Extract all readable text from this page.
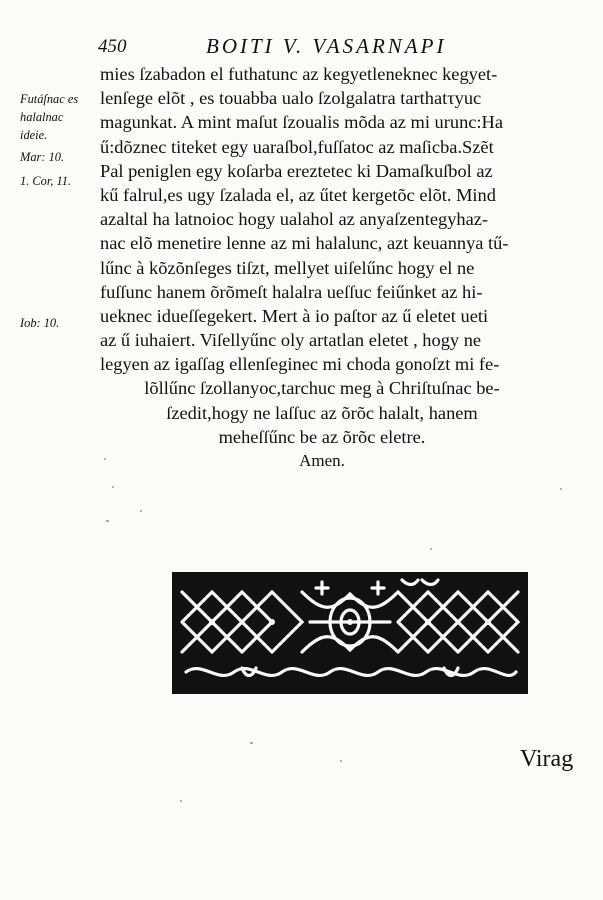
450	BOITI V. VASARNAPI
Futáſnac es
halalnac
ideie.
Mar: 10.
1. Cor, 11.
Iob: 10.
mies ſzabadon el futhatunc az kegyetleneknec kegyet-
lenſege elõt , es touabba ualo ſzolgalatra tarthatτyuc
magunkat. A mint maſut ſzoualis mõda az mi urunc:Ha
ű:dõznec titeket egy uaraſbol,fuſſatoc az maſicba.Szẽt
Pal peniglen egy koſarba ereztetec ki Damaſkuſbol az
kű falrul,es ugy ſzalada el, az űtet kergetõc elõt. Mind
azaltal ha latnoioc hogy ualahol az anyaſzentegyhaz-
nac elõ menetire lenne az mi halalunc, azt keuannya tű-
lűnc à kõzõnſeges tiſzt, mellyet uiſelűnc hogy el ne
fuſſunc hanem õrõmeſt halalra ueſſuc feiűnket az hi-
ueknec idueſſegekert. Mert à io paſtor az ű eletet ueti
az ű iuhaiert. Viſellyűnc oly artatlan eletet , hogy ne
legyen az igaſſag ellenſeginec mi choda gonoſzt mi fe-
lõllűnc ſzollanyoc,tarchuc meg à Chriſtuſnac be-
ſzedit,hogy ne laſſuc az õrõc halalt, hanem
meheſſűnc be az õrõc eletre.
Amen.
Virag
